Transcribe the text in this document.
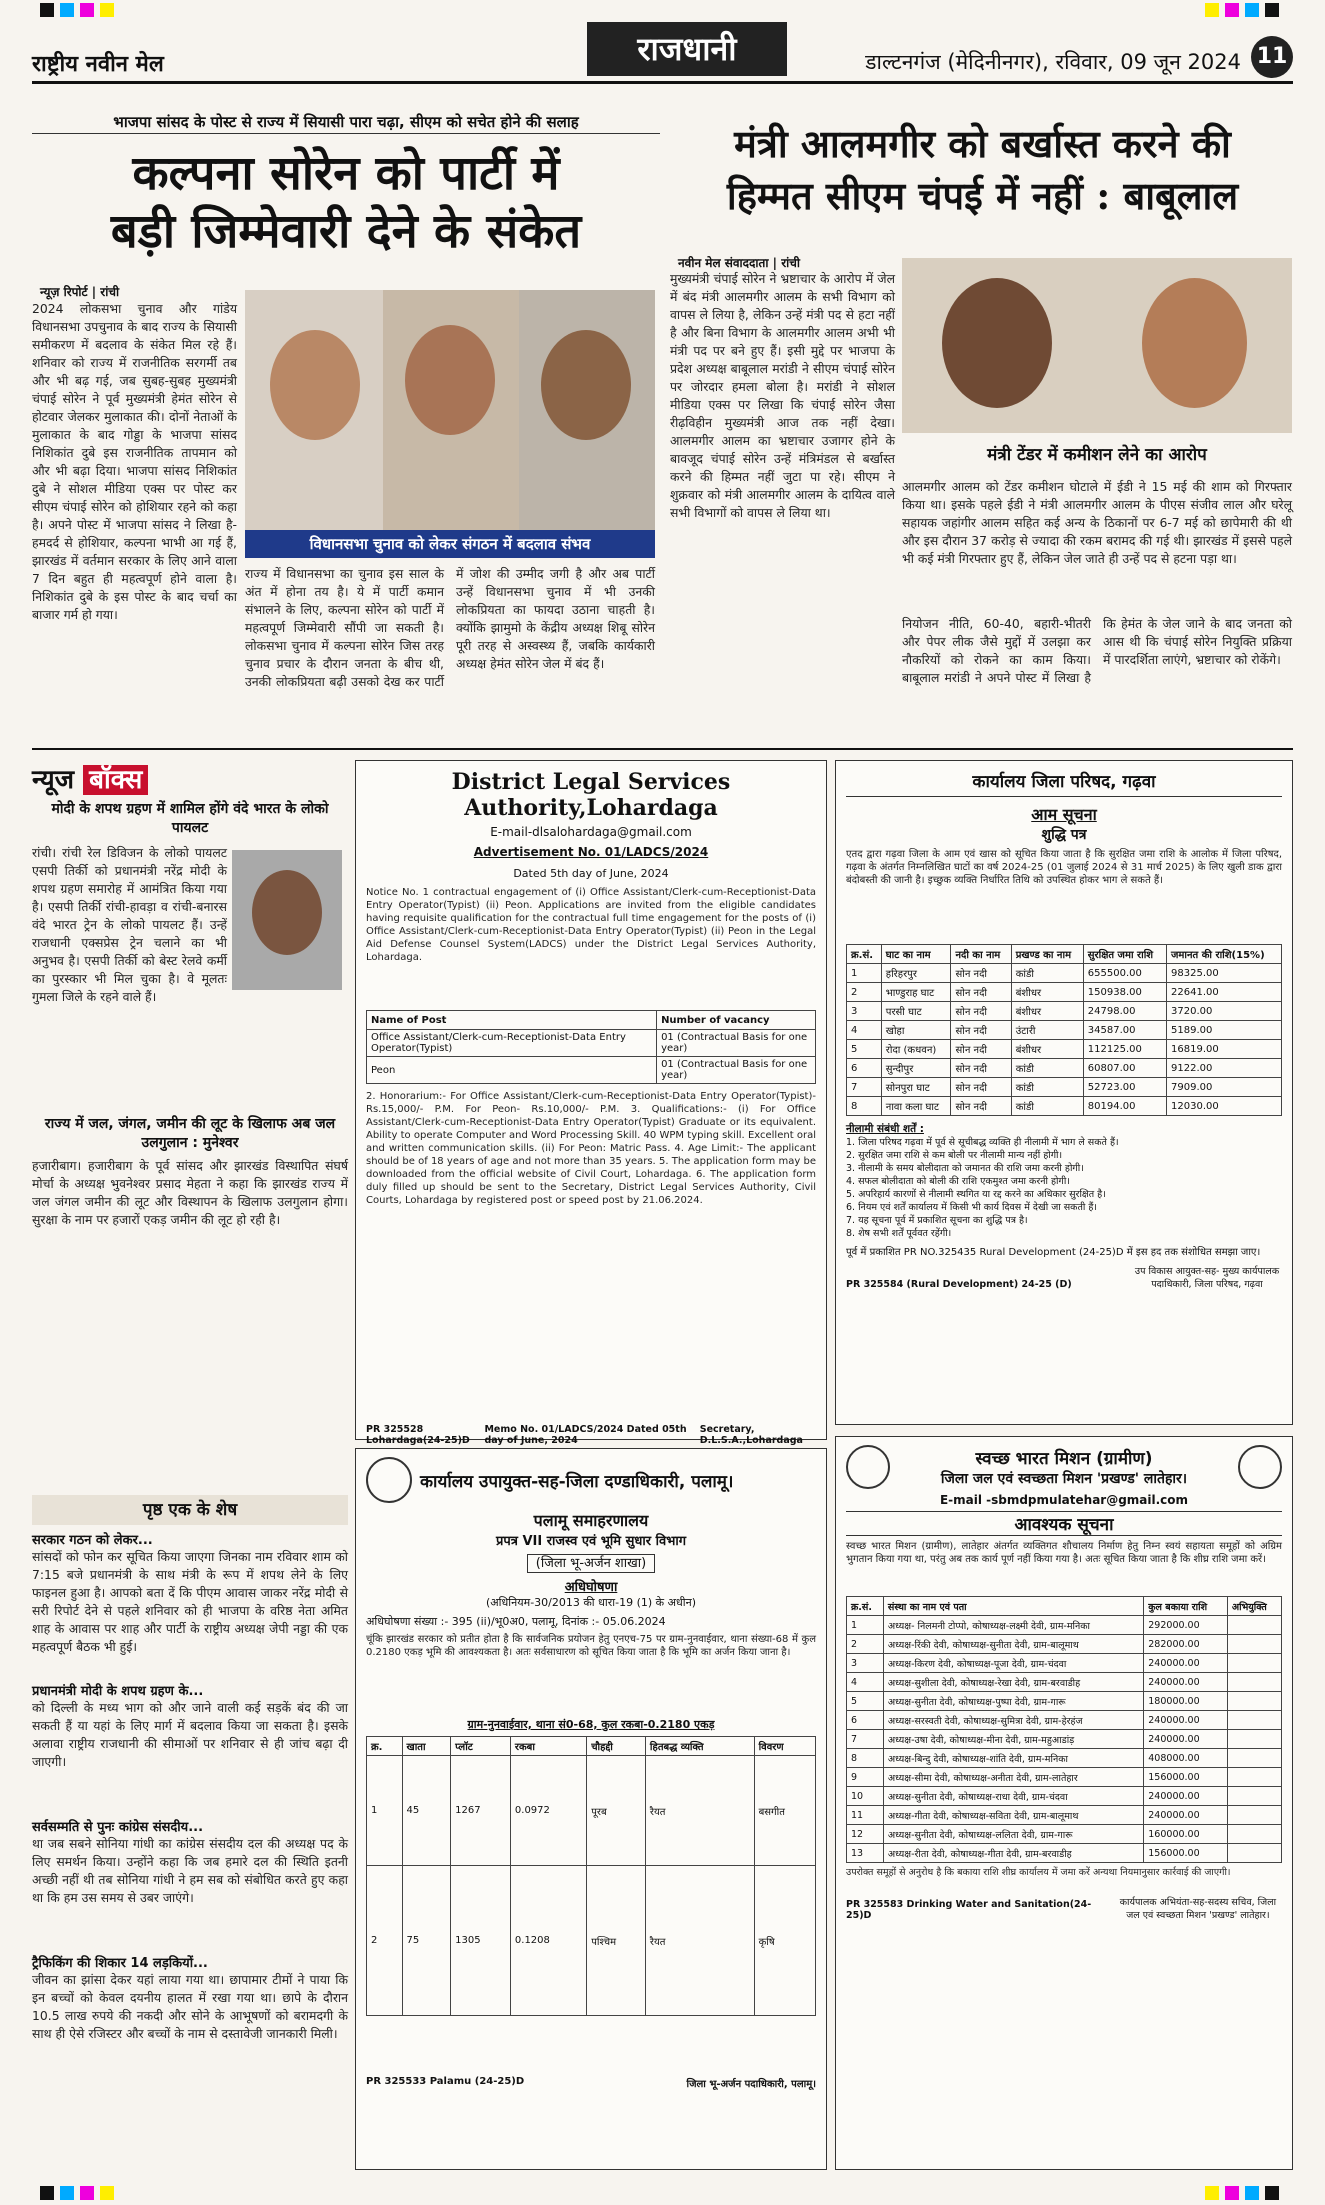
राष्ट्रीय नवीन मेल	राजधानी	डाल्टनगंज (मेदिनीनगर), रविवार, 09 जून 2024 11
भाजपा सांसद के पोस्ट से राज्य में सियासी पारा चढ़ा, सीएम को सचेत होने की सलाह
कल्पना सोरेन को पार्टी में
बड़ी जिम्मेवारी देने के संकेत
न्यूज़ रिपोर्ट | रांची
2024 लोकसभा चुनाव और गांडेय विधानसभा उपचुनाव के बाद राज्य के सियासी समीकरण में बदलाव के संकेत मिल रहे हैं। शनिवार को राज्य में राजनीतिक सरगर्मी तब और भी बढ़ गई, जब सुबह-सुबह मुख्यमंत्री चंपाई सोरेन ने पूर्व मुख्यमंत्री हेमंत सोरेन से होटवार जेलकर मुलाकात की। दोनों नेताओं के मुलाकात के बाद गोड्डा के भाजपा सांसद निशिकांत दुबे इस राजनीतिक तापमान को और भी बढ़ा दिया। भाजपा सांसद निशिकांत दुबे ने सोशल मीडिया एक्स पर पोस्ट कर सीएम चंपाई सोरेन को होशियार रहने को कहा है। अपने पोस्ट में भाजपा सांसद ने लिखा है- हमदर्द से होशियार, कल्पना भाभी आ गई हैं, झारखंड में वर्तमान सरकार के लिए आने वाला 7 दिन बहुत ही महत्वपूर्ण होने वाला है। निशिकांत दुबे के इस पोस्ट के बाद चर्चा का बाजार गर्म हो गया।
विधानसभा चुनाव को लेकर संगठन में बदलाव संभव
राज्य में विधानसभा का चुनाव इस साल के अंत में होना तय है। ये में पार्टी कमान संभालने के लिए, कल्पना सोरेन को पार्टी में महत्वपूर्ण जिम्मेवारी सौंपी जा सकती है। लोकसभा चुनाव में कल्पना सोरेन जिस तरह चुनाव प्रचार के दौरान जनता के बीच थी, उनकी लोकप्रियता बढ़ी उसको देख कर पार्टी में जोश की उम्मीद जगी है और अब पार्टी उन्हें विधानसभा चुनाव में भी उनकी लोकप्रियता का फायदा उठाना चाहती है। क्योंकि झामुमो के केंद्रीय अध्यक्ष शिबू सोरेन पूरी तरह से अस्वस्थ्य हैं, जबकि कार्यकारी अध्यक्ष हेमंत सोरेन जेल में बंद हैं।
मंत्री आलमगीर को बर्खास्त करने की
हिम्मत सीएम चंपई में नहीं : बाबूलाल
नवीन मेल संवाददाता | रांची
मुख्यमंत्री चंपाई सोरेन ने भ्रष्टाचार के आरोप में जेल में बंद मंत्री आलमगीर आलम के सभी विभाग को वापस ले लिया है, लेकिन उन्हें मंत्री पद से हटा नहीं है और बिना विभाग के आलमगीर आलम अभी भी मंत्री पद पर बने हुए हैं। इसी मुद्दे पर भाजपा के प्रदेश अध्यक्ष बाबूलाल मरांडी ने सीएम चंपाई सोरेन पर जोरदार हमला बोला है। मरांडी ने सोशल मीडिया एक्स पर लिखा कि चंपाई सोरेन जैसा रीढ़विहीन मुख्यमंत्री आज तक नहीं देखा। आलमगीर आलम का भ्रष्टाचार उजागर होने के बावजूद चंपाई सोरेन उन्हें मंत्रिमंडल से बर्खास्त करने की हिम्मत नहीं जुटा पा रहे। सीएम ने शुक्रवार को मंत्री आलमगीर आलम के दायित्व वाले सभी विभागों को वापस ले लिया था।
मंत्री टेंडर में कमीशन लेने का आरोप
आलमगीर आलम को टेंडर कमीशन घोटाले में ईडी ने 15 मई की शाम को गिरफ्तार किया था। इसके पहले ईडी ने मंत्री आलमगीर आलम के पीएस संजीव लाल और घरेलू सहायक जहांगीर आलम सहित कई अन्य के ठिकानों पर 6-7 मई को छापेमारी की थी और इस दौरान 37 करोड़ से ज्यादा की रकम बरामद की गई थी। झारखंड में इससे पहले भी कई मंत्री गिरफ्तार हुए हैं, लेकिन जेल जाते ही उन्हें पद से हटना पड़ा था।
नियोजन नीति, 60-40, बहारी-भीतरी और पेपर लीक जैसे मुद्दों में उलझा कर नौकरियों को रोकने का काम किया। बाबूलाल मरांडी ने अपने पोस्ट में लिखा है कि हेमंत के जेल जाने के बाद जनता को आस थी कि चंपाई सोरेन नियुक्ति प्रक्रिया में पारदर्शिता लाएंगे, भ्रष्टाचार को रोकेंगे।
न्यूज बॉक्स
मोदी के शपथ ग्रहण में शामिल होंगे वंदे भारत के लोको पायलट
रांची। रांची रेल डिविजन के लोको पायलट एसपी तिर्की को प्रधानमंत्री नरेंद्र मोदी के शपथ ग्रहण समारोह में आमंत्रित किया गया है। एसपी तिर्की रांची-हावड़ा व रांची-बनारस वंदे भारत ट्रेन के लोको पायलट हैं। उन्हें राजधानी एक्सप्रेस ट्रेन चलाने का भी अनुभव है। एसपी तिर्की को बेस्ट रेलवे कर्मी का पुरस्कार भी मिल चुका है। वे मूलतः गुमला जिले के रहने वाले हैं।
राज्य में जल, जंगल, जमीन की लूट के खिलाफ अब जल उलगुलान : मुनेश्वर
हजारीबाग। हजारीबाग के पूर्व सांसद और झारखंड विस्थापित संघर्ष मोर्चा के अध्यक्ष भुवनेश्वर प्रसाद मेहता ने कहा कि झारखंड राज्य में जल जंगल जमीन की लूट और विस्थापन के खिलाफ उलगुलान होगा। सुरक्षा के नाम पर हजारों एकड़ जमीन की लूट हो रही है।
पृष्ठ एक के शेष
सरकार गठन को लेकर...
सांसदों को फोन कर सूचित किया जाएगा जिनका नाम रविवार शाम को 7:15 बजे प्रधानमंत्री के साथ मंत्री के रूप में शपथ लेने के लिए फाइनल हुआ है। आपको बता दें कि पीएम आवास जाकर नरेंद्र मोदी से सरी रिपोर्ट देने से पहले शनिवार को ही भाजपा के वरिष्ठ नेता अमित शाह के आवास पर शाह और पार्टी के राष्ट्रीय अध्यक्ष जेपी नड्डा की एक महत्वपूर्ण बैठक भी हुई।
प्रधानमंत्री मोदी के शपथ ग्रहण के...
को दिल्ली के मध्य भाग को और जाने वाली कई सड़कें बंद की जा सकती हैं या यहां के लिए मार्ग में बदलाव किया जा सकता है। इसके अलावा राष्ट्रीय राजधानी की सीमाओं पर शनिवार से ही जांच बढ़ा दी जाएगी।
सर्वसम्मति से पुनः कांग्रेस संसदीय...
था जब सबने सोनिया गांधी का कांग्रेस संसदीय दल की अध्यक्ष पद के लिए समर्थन किया। उन्होंने कहा कि जब हमारे दल की स्थिति इतनी अच्छी नहीं थी तब सोनिया गांधी ने हम सब को संबोधित करते हुए कहा था कि हम उस समय से उबर जाएंगे।
ट्रैफिकिंग की शिकार 14 लड़कियों...
जीवन का झांसा देकर यहां लाया गया था। छापामार टीमों ने पाया कि इन बच्चों को केवल दयनीय हालत में रखा गया था। छापे के दौरान 10.5 लाख रुपये की नकदी और सोने के आभूषणों को बरामदगी के साथ ही ऐसे रजिस्टर और बच्चों के नाम से दस्तावेजी जानकारी मिली।
District Legal Services Authority,Lohardaga
E-mail-dlsalohardaga@gmail.com
Advertisement No. 01/LADCS/2024
Dated 5th day of June, 2024
Notice No. 1 contractual engagement of (i) Office Assistant/Clerk-cum-Receptionist-Data Entry Operator(Typist) (ii) Peon. Applications are invited from the eligible candidates having requisite qualification for the contractual full time engagement for the posts of (i) Office Assistant/Clerk-cum-Receptionist-Data Entry Operator(Typist) (ii) Peon in the Legal Aid Defense Counsel System(LADCS) under the District Legal Services Authority, Lohardaga.
Name of Post	Number of vacancy
Office Assistant/Clerk-cum-Receptionist-Data Entry Operator(Typist)	01 (Contractual Basis for one year)
Peon	01 (Contractual Basis for one year)
2. Honorarium:- For Office Assistant/Clerk-cum-Receptionist-Data Entry Operator(Typist)- Rs.15,000/- P.M. For Peon- Rs.10,000/- P.M. 3. Qualifications:- (i) For Office Assistant/Clerk-cum-Receptionist-Data Entry Operator(Typist) Graduate or its equivalent. Ability to operate Computer and Word Processing Skill. 40 WPM typing skill. Excellent oral and written communication skills. (ii) For Peon: Matric Pass. 4. Age Limit:- The applicant should be of 18 years of age and not more than 35 years. 5. The application form may be downloaded from the official website of Civil Court, Lohardaga. 6. The application form duly filled up should be sent to the Secretary, District Legal Services Authority, Civil Courts, Lohardaga by registered post or speed post by 21.06.2024.
PR 325528 Lohardaga(24-25)D
Memo No. 01/LADCS/2024 Dated 05th day of June, 2024
Secretary, D.L.S.A.,Lohardaga
कार्यालय उपायुक्त-सह-जिला दण्डाधिकारी, पलामू।
पलामू समाहरणालय
प्रपत्र VII राजस्व एवं भूमि सुधार विभाग
(जिला भू-अर्जन शाखा)
अधिघोषणा
(अधिनियम-30/2013 की धारा-19 (1) के अधीन)
अधिघोषणा संख्या :- 395 (ii)/भू0अ0, पलामू, दिनांक :- 05.06.2024
चूंकि झारखंड सरकार को प्रतीत होता है कि सार्वजनिक प्रयोजन हेतु एनएच-75 पर ग्राम-नुनवाईवार, थाना संख्या-68 में कुल 0.2180 एकड़ भूमि की आवश्यकता है। अतः सर्वसाधारण को सूचित किया जाता है कि भूमि का अर्जन किया जाना है।
ग्राम-नुनवाईवार, थाना सं0-68, कुल रकबा-0.2180 एकड़
क्र.	खाता	प्लॉट	रकबा	चौहद्दी	हितबद्ध व्यक्ति	विवरण
1	45	1267	0.0972	पूरब	रैयत	बसगीत
2	75	1305	0.1208	पश्चिम	रैयत	कृषि
PR 325533 Palamu (24-25)D	जिला भू-अर्जन पदाधिकारी, पलामू।
कार्यालय जिला परिषद, गढ़वा
आम सूचना
शुद्धि पत्र
एतद द्वारा गढ़वा जिला के आम एवं खास को सूचित किया जाता है कि सुरक्षित जमा राशि के आलोक में जिला परिषद, गढ़वा के अंतर्गत निम्नलिखित घाटों का वर्ष 2024-25 (01 जुलाई 2024 से 31 मार्च 2025) के लिए खुली डाक द्वारा बंदोबस्ती की जानी है। इच्छुक व्यक्ति निर्धारित तिथि को उपस्थित होकर भाग ले सकते हैं।
क्र.सं.	घाट का नाम	नदी का नाम	प्रखण्ड का नाम	सुरक्षित जमा राशि	जमानत की राशि(15%)
1	हरिहरपुर	सोन नदी	कांडी	655500.00	98325.00
2	भाण्डुराह घाट	सोन नदी	बंशीधर	150938.00	22641.00
3	परसी घाट	सोन नदी	बंशीधर	24798.00	3720.00
4	खोहा	सोन नदी	उंटारी	34587.00	5189.00
5	रोदा (कधवन)	सोन नदी	बंशीधर	112125.00	16819.00
6	सुन्दीपुर	सोन नदी	कांडी	60807.00	9122.00
7	सोनपुरा घाट	सोन नदी	कांडी	52723.00	7909.00
8	नावा कला घाट	सोन नदी	कांडी	80194.00	12030.00
नीलामी संबंधी शर्तें :
1. जिला परिषद गढ़वा में पूर्व से सूचीबद्ध व्यक्ति ही नीलामी में भाग ले सकते हैं।
2. सुरक्षित जमा राशि से कम बोली पर नीलामी मान्य नहीं होगी।
3. नीलामी के समय बोलीदाता को जमानत की राशि जमा करनी होगी।
4. सफल बोलीदाता को बोली की राशि एकमुश्त जमा करनी होगी।
5. अपरिहार्य कारणों से नीलामी स्थगित या रद्द करने का अधिकार सुरक्षित है।
6. नियम एवं शर्तें कार्यालय में किसी भी कार्य दिवस में देखी जा सकती हैं।
7. यह सूचना पूर्व में प्रकाशित सूचना का शुद्धि पत्र है।
8. शेष सभी शर्तें पूर्ववत रहेंगी।
पूर्व में प्रकाशित PR NO.325435 Rural Development (24-25)D में इस हद तक संशोधित समझा जाए।
PR 325584 (Rural Development) 24-25 (D)
उप विकास आयुक्त-सह- मुख्य कार्यपालक पदाधिकारी, जिला परिषद, गढ़वा
स्वच्छ भारत मिशन (ग्रामीण)
जिला जल एवं स्वच्छता मिशन 'प्रखण्ड' लातेहार।
E-mail -sbmdpmulatehar@gmail.com
आवश्यक सूचना
स्वच्छ भारत मिशन (ग्रामीण), लातेहार अंतर्गत व्यक्तिगत शौचालय निर्माण हेतु निम्न स्वयं सहायता समूहों को अग्रिम भुगतान किया गया था, परंतु अब तक कार्य पूर्ण नहीं किया गया है। अतः सूचित किया जाता है कि शीघ्र राशि जमा करें।
क्र.सं.	संस्था का नाम एवं पता	कुल बकाया राशि	अभियुक्ति
1	अध्यक्ष- निलमनी टोप्पो, कोषाध्यक्ष-लक्ष्मी देवी, ग्राम-मनिका	292000.00	
2	अध्यक्ष-रिंकी देवी, कोषाध्यक्ष-सुनीता देवी, ग्राम-बालूमाथ	282000.00	
3	अध्यक्ष-किरण देवी, कोषाध्यक्ष-पूजा देवी, ग्राम-चंदवा	240000.00	
4	अध्यक्ष-सुशीला देवी, कोषाध्यक्ष-रेखा देवी, ग्राम-बरवाडीह	240000.00	
5	अध्यक्ष-सुनीता देवी, कोषाध्यक्ष-पुष्पा देवी, ग्राम-गारू	180000.00	
6	अध्यक्ष-सरस्वती देवी, कोषाध्यक्ष-सुमित्रा देवी, ग्राम-हेरहंज	240000.00	
7	अध्यक्ष-उषा देवी, कोषाध्यक्ष-मीना देवी, ग्राम-महुआडांड़	240000.00	
8	अध्यक्ष-बिन्दु देवी, कोषाध्यक्ष-शांति देवी, ग्राम-मनिका	408000.00	
9	अध्यक्ष-सीमा देवी, कोषाध्यक्ष-अनीता देवी, ग्राम-लातेहार	156000.00	
10	अध्यक्ष-सुनीता देवी, कोषाध्यक्ष-राधा देवी, ग्राम-चंदवा	240000.00	
11	अध्यक्ष-गीता देवी, कोषाध्यक्ष-सविता देवी, ग्राम-बालूमाथ	240000.00	
12	अध्यक्ष-सुनीता देवी, कोषाध्यक्ष-ललिता देवी, ग्राम-गारू	160000.00	
13	अध्यक्ष-रीता देवी, कोषाध्यक्ष-गीता देवी, ग्राम-बरवाडीह	156000.00	
उपरोक्त समूहों से अनुरोध है कि बकाया राशि शीघ्र कार्यालय में जमा करें अन्यथा नियमानुसार कार्रवाई की जाएगी।
PR 325583 Drinking Water and Sanitation(24-25)D
कार्यपालक अभियंता-सह-सदस्य सचिव, जिला जल एवं स्वच्छता मिशन 'प्रखण्ड' लातेहार।
